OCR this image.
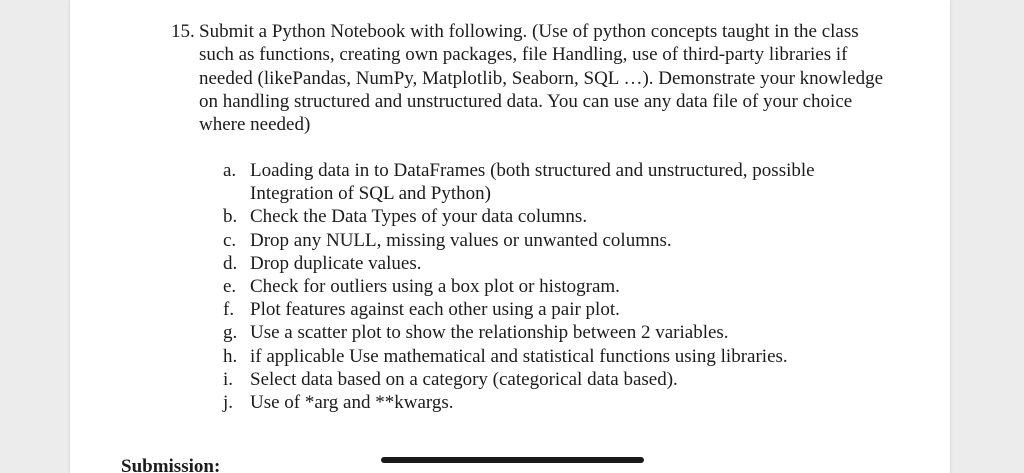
15. Submit a Python Notebook with following. (Use of python concepts taught in the class such as functions, creating own packages, file Handling, use of third-party libraries if needed (likePandas, NumPy, Matplotlib, Seaborn, SQL …). Demonstrate your knowledge on handling structured and unstructured data. You can use any data file of your choice where needed)
a. Loading data in to DataFrames (both structured and unstructured, possible Integration of SQL and Python)
b. Check the Data Types of your data columns.
c. Drop any NULL, missing values or unwanted columns.
d. Drop duplicate values.
e. Check for outliers using a box plot or histogram.
f. Plot features against each other using a pair plot.
g. Use a scatter plot to show the relationship between 2 variables.
h. if applicable Use mathematical and statistical functions using libraries.
i. Select data based on a category (categorical data based).
j. Use of *arg and **kwargs.
Submission:
